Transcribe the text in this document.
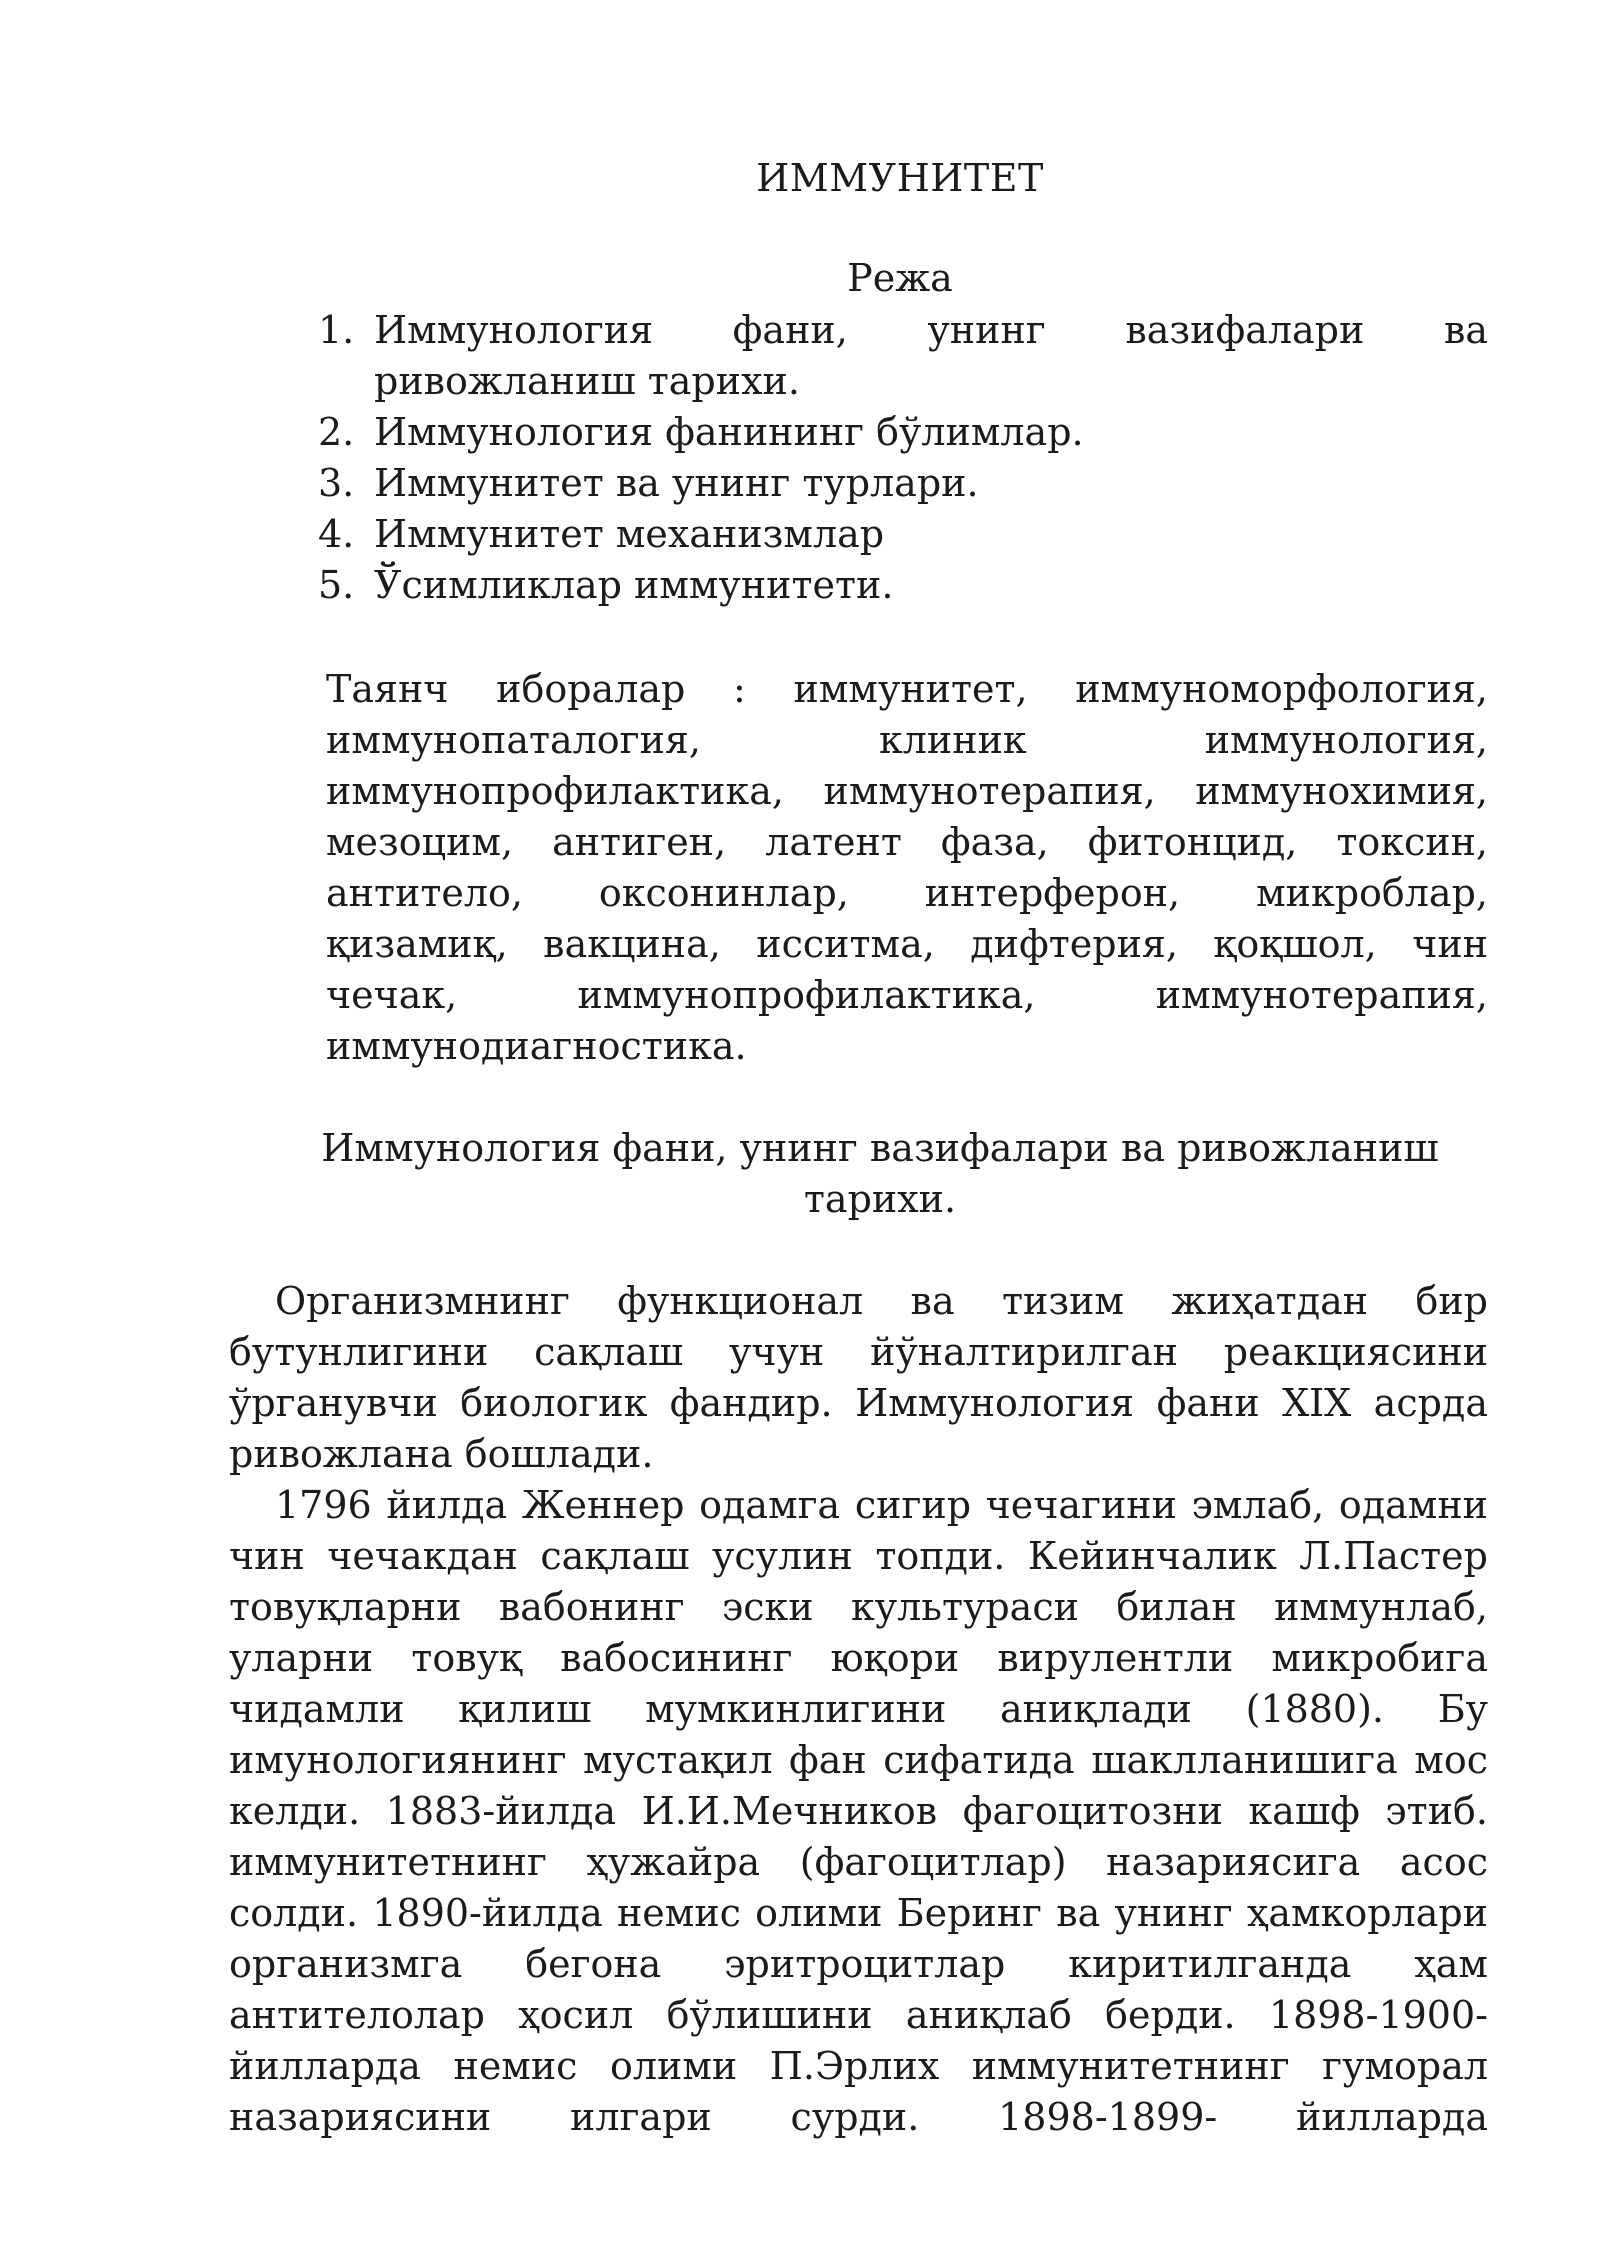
ИММУНИТЕТ
Режа
1. Иммунология фани, унинг вазифалари ва ривожланиш тарихи.
2. Иммунология фанининг бўлимлар.
3. Иммунитет ва унинг турлари.
4. Иммунитет механизмлар
5. Ўсимликлар иммунитети.

Таянч иборалар : иммунитет, иммуноморфология, иммунопаталогия, клиник иммунология, иммунопрофилактика, иммунотерапия, иммунохимия, мезоцим, антиген, латент фаза, фитонцид, токсин, антитело, оксонинлар, интерферон, микроблар, қизамиқ, вакцина, исситма, дифтерия, қоқшол, чин чечак, иммунопрофилактика, иммунотерапия, иммунодиагностика.

Иммунология фани, унинг вазифалари ва ривожланиш
тарихи.

Организмнинг функционал ва тизим жиҳатдан бир бутунлигини сақлаш учун йўналтирилган реакциясини ўрганувчи биологик фандир. Иммунология фани XIX асрда ривожлана бошлади.

1796 йилда Женнер одамга сигир чечагини эмлаб, одамни чин чечакдан сақлаш усулин топди. Кейинчалик Л.Пастер товуқларни вабонинг эски культураси билан иммунлаб, уларни товуқ вабосининг юқори вирулентли микробига чидамли қилиш мумкинлигини аниқлади (1880). Бу имунологиянинг мустақил фан сифатида шаклланишига мос келди. 1883-йилда И.И.Мечников фагоцитозни кашф этиб. иммунитетнинг ҳужайра (фагоцитлар) назариясига асос солди. 1890-йилда немис олими Беринг ва унинг ҳамкорлари организмга бегона эритроцитлар киритилганда ҳам антителолар ҳосил бўлишини аниқлаб берди. 1898-1900-йилларда немис олими П.Эрлих иммунитетнинг гуморал назариясини илгари сурди. 1898-1899- йилларда
